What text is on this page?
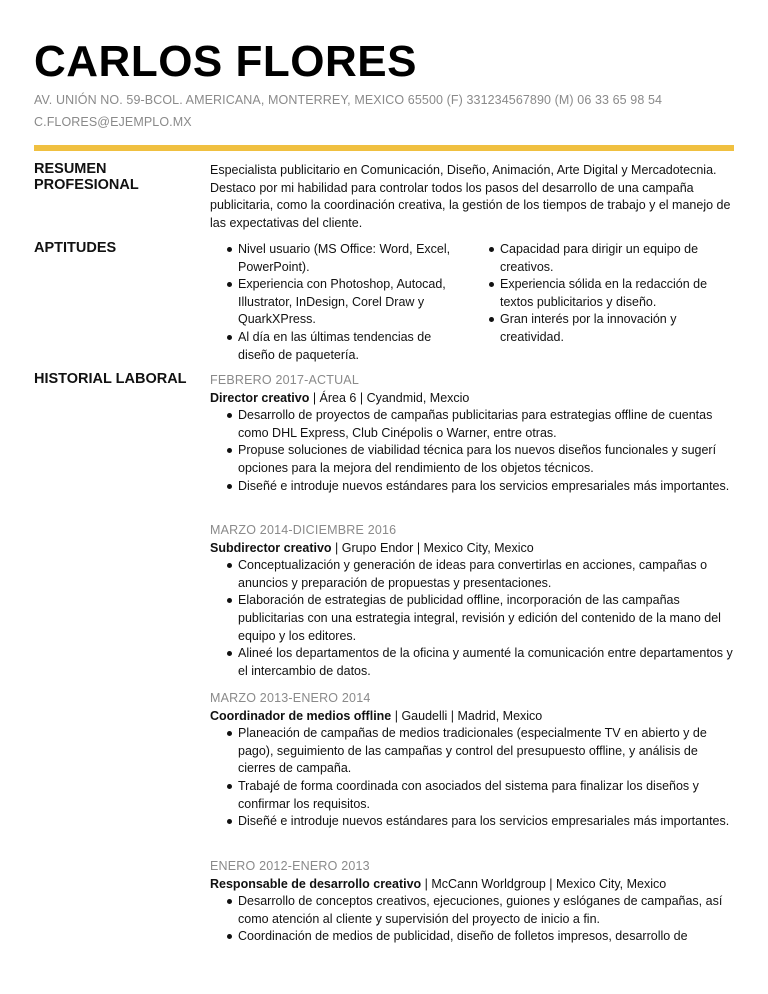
CARLOS FLORES
AV. UNIÓN NO. 59-BCOL. AMERICANA, MONTERREY, MEXICO 65500 (F) 331234567890 (M) 06 33 65 98 54
C.FLORES@EJEMPLO.MX
RESUMEN
PROFESIONAL

Especialista publicitario en Comunicación, Diseño, Animación, Arte Digital y Mercadotecnia. Destaco por mi habilidad para controlar todos los pasos del desarrollo de una campaña publicitaria, como la coordinación creativa, la gestión de los tiempos de trabajo y el manejo de las expectativas del cliente.

APTITUDES	Nivel usuario (MS Office: Word, Excel, PowerPoint).
Experiencia con Photoshop, Autocad, Illustrator, InDesign, Corel Draw y QuarkXPress.
Al día en las últimas tendencias de diseño de paquetería.
Capacidad para dirigir un equipo de creativos.
Experiencia sólida en la redacción de textos publicitarios y diseño.
Gran interés por la innovación y creatividad.
HISTORIAL LABORAL FEBRERO 2017-ACTUAL
Director creativo | Área 6 | Cyandmid, Mexcio
Desarrollo de proyectos de campañas publicitarias para estrategias offline de cuentas como DHL Express, Club Cinépolis o Warner, entre otras.
Propuse soluciones de viabilidad técnica para los nuevos diseños funcionales y sugerí opciones para la mejora del rendimiento de los objetos técnicos.
Diseñé e introduje nuevos estándares para los servicios empresariales más importantes.
MARZO 2014-DICIEMBRE 2016
Subdirector creativo | Grupo Endor | Mexico City, Mexico
Conceptualización y generación de ideas para convertirlas en acciones, campañas o anuncios y preparación de propuestas y presentaciones.
Elaboración de estrategias de publicidad offline, incorporación de las campañas publicitarias con una estrategia integral, revisión y edición del contenido de la mano del equipo y los editores.
Alineé los departamentos de la oficina y aumenté la comunicación entre departamentos y el intercambio de datos.
MARZO 2013-ENERO 2014
Coordinador de medios offline | Gaudelli | Madrid, Mexico
Planeación de campañas de medios tradicionales (especialmente TV en abierto y de pago), seguimiento de las campañas y control del presupuesto offline, y análisis de cierres de campaña.
Trabajé de forma coordinada con asociados del sistema para finalizar los diseños y confirmar los requisitos.
Diseñé e introduje nuevos estándares para los servicios empresariales más importantes.
ENERO 2012-ENERO 2013
Responsable de desarrollo creativo | McCann Worldgroup | Mexico City, Mexico
Desarrollo de conceptos creativos, ejecuciones, guiones y eslóganes de campañas, así como atención al cliente y supervisión del proyecto de inicio a fin.
Coordinación de medios de publicidad, diseño de folletos impresos, desarrollo de
